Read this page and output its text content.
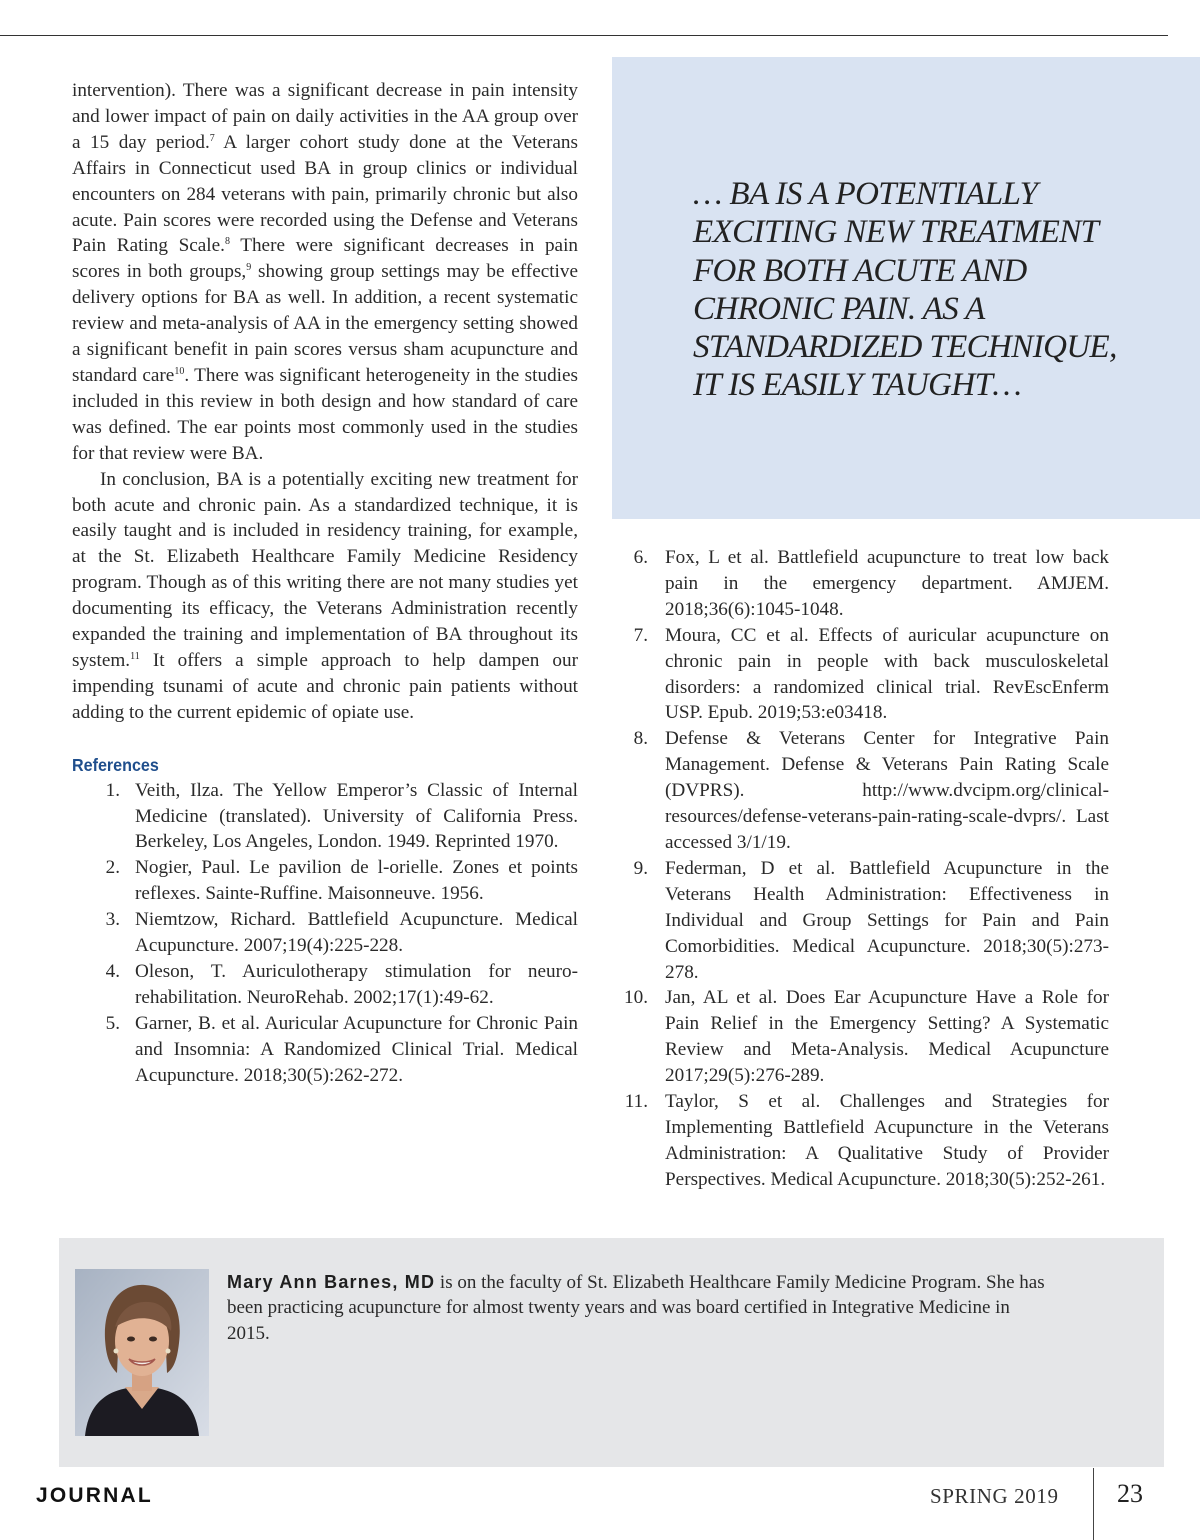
intervention). There was a significant decrease in pain intensity and lower impact of pain on daily activities in the AA group over a 15 day period.$^7$ A larger cohort study done at the Veterans Affairs in Connecticut used BA in group clinics or individual encounters on 284 veterans with pain, primarily chronic but also acute. Pain scores were recorded using the Defense and Veterans Pain Rating Scale.$^8$ There were significant decreases in pain scores in both groups,$^9$ showing group settings may be effective delivery options for BA as well. In addition, a recent systematic review and meta-analysis of AA in the emergency setting showed a significant benefit in pain scores versus sham acupuncture and standard care$^{10}$. There was significant heterogeneity in the studies included in this review in both design and how standard of care was defined. The ear points most commonly used in the studies for that review were BA.

In conclusion, BA is a potentially exciting new treatment for both acute and chronic pain. As a standardized technique, it is easily taught and is included in residency training, for example, at the St. Elizabeth Healthcare Family Medicine Residency program. Though as of this writing there are not many studies yet documenting its efficacy, the Veterans Administration recently expanded the training and implementation of BA throughout its system.$^{11}$ It offers a simple approach to help dampen our impending tsunami of acute and chronic pain patients without adding to the current epidemic of opiate use.

References
1. Veith, Ilza. The Yellow Emperor’s Classic of Internal Medicine (translated). University of California Press. Berkeley, Los Angeles, London. 1949. Reprinted 1970.
2. Nogier, Paul. Le pavilion de l-orielle. Zones et points reflexes. Sainte-Ruffine. Maisonneuve. 1956.
3. Niemtzow, Richard. Battlefield Acupuncture. Medical Acupuncture. 2007;19(4):225-228.
4. Oleson, T. Auriculotherapy stimulation for neuro-rehabilitation. NeuroRehab. 2002;17(1):49-62.
5. Garner, B. et al. Auricular Acupuncture for Chronic Pain and Insomnia: A Randomized Clinical Trial. Medical Acupuncture. 2018;30(5):262-272.

… BA IS A POTENTIALLY
EXCITING NEW TREATMENT
FOR BOTH ACUTE AND
CHRONIC PAIN. AS A
STANDARDIZED TECHNIQUE,
IT IS EASILY TAUGHT…

6. Fox, L et al. Battlefield acupuncture to treat low back pain in the emergency department. AMJEM. 2018;36(6):1045-1048.
7. Moura, CC et al. Effects of auricular acupuncture on chronic pain in people with back musculoskeletal disorders: a randomized clinical trial. RevEscEnferm USP. Epub. 2019;53:e03418.
8. Defense & Veterans Center for Integrative Pain Management. Defense & Veterans Pain Rating Scale (DVPRS). http://www.dvcipm.org/clinical-resources/defense-veterans-pain-rating-scale-dvprs/. Last accessed 3/1/19.
9. Federman, D et al. Battlefield Acupuncture in the Veterans Health Administration: Effectiveness in Individual and Group Settings for Pain and Pain Comorbidities. Medical Acupuncture. 2018;30(5):273-278.
10. Jan, AL et al. Does Ear Acupuncture Have a Role for Pain Relief in the Emergency Setting? A Systematic Review and Meta-Analysis. Medical Acupuncture 2017;29(5):276-289.
11. Taylor, S et al. Challenges and Strategies for Implementing Battlefield Acupuncture in the Veterans Administration: A Qualitative Study of Provider Perspectives. Medical Acupuncture. 2018;30(5):252-261.

Mary Ann Barnes, MD is on the faculty of St. Elizabeth Healthcare Family Medicine Program. She has been practicing acupuncture for almost twenty years and was board certified in Integrative Medicine in 2015.

JOURNAL	SPRING 2019 23
